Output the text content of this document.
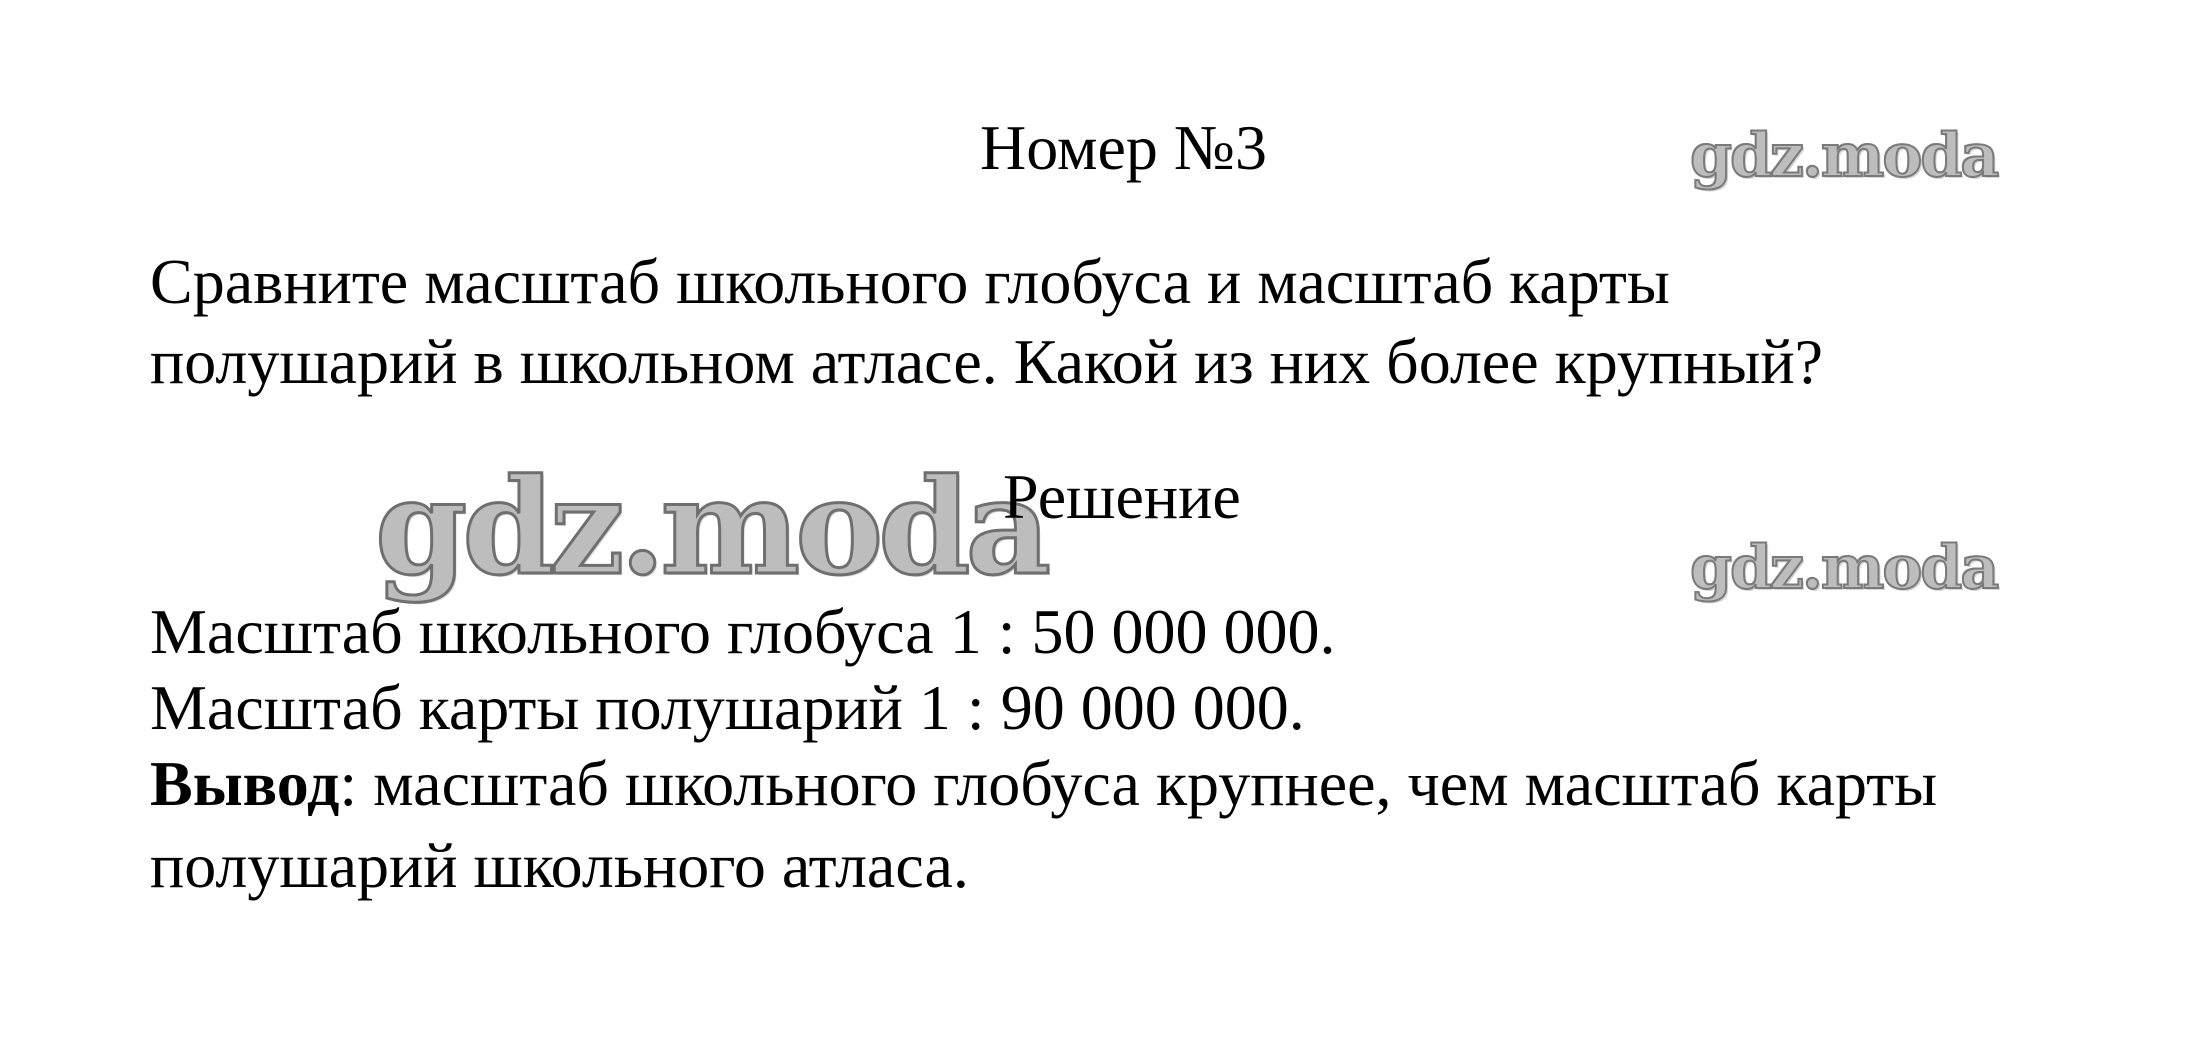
Номер №3	gdz.moda
Сравните масштаб школьного глобуса и масштаб карты
полушарий в школьном атласе. Какой из них более крупный?
gdz.moda
Решение
gdz.moda
Масштаб школьного глобуса 1 : 50 000 000.
Масштаб карты полушарий 1 : 90 000 000.
Вывод: масштаб школьного глобуса крупнее, чем масштаб карты
полушарий школьного атласа.
